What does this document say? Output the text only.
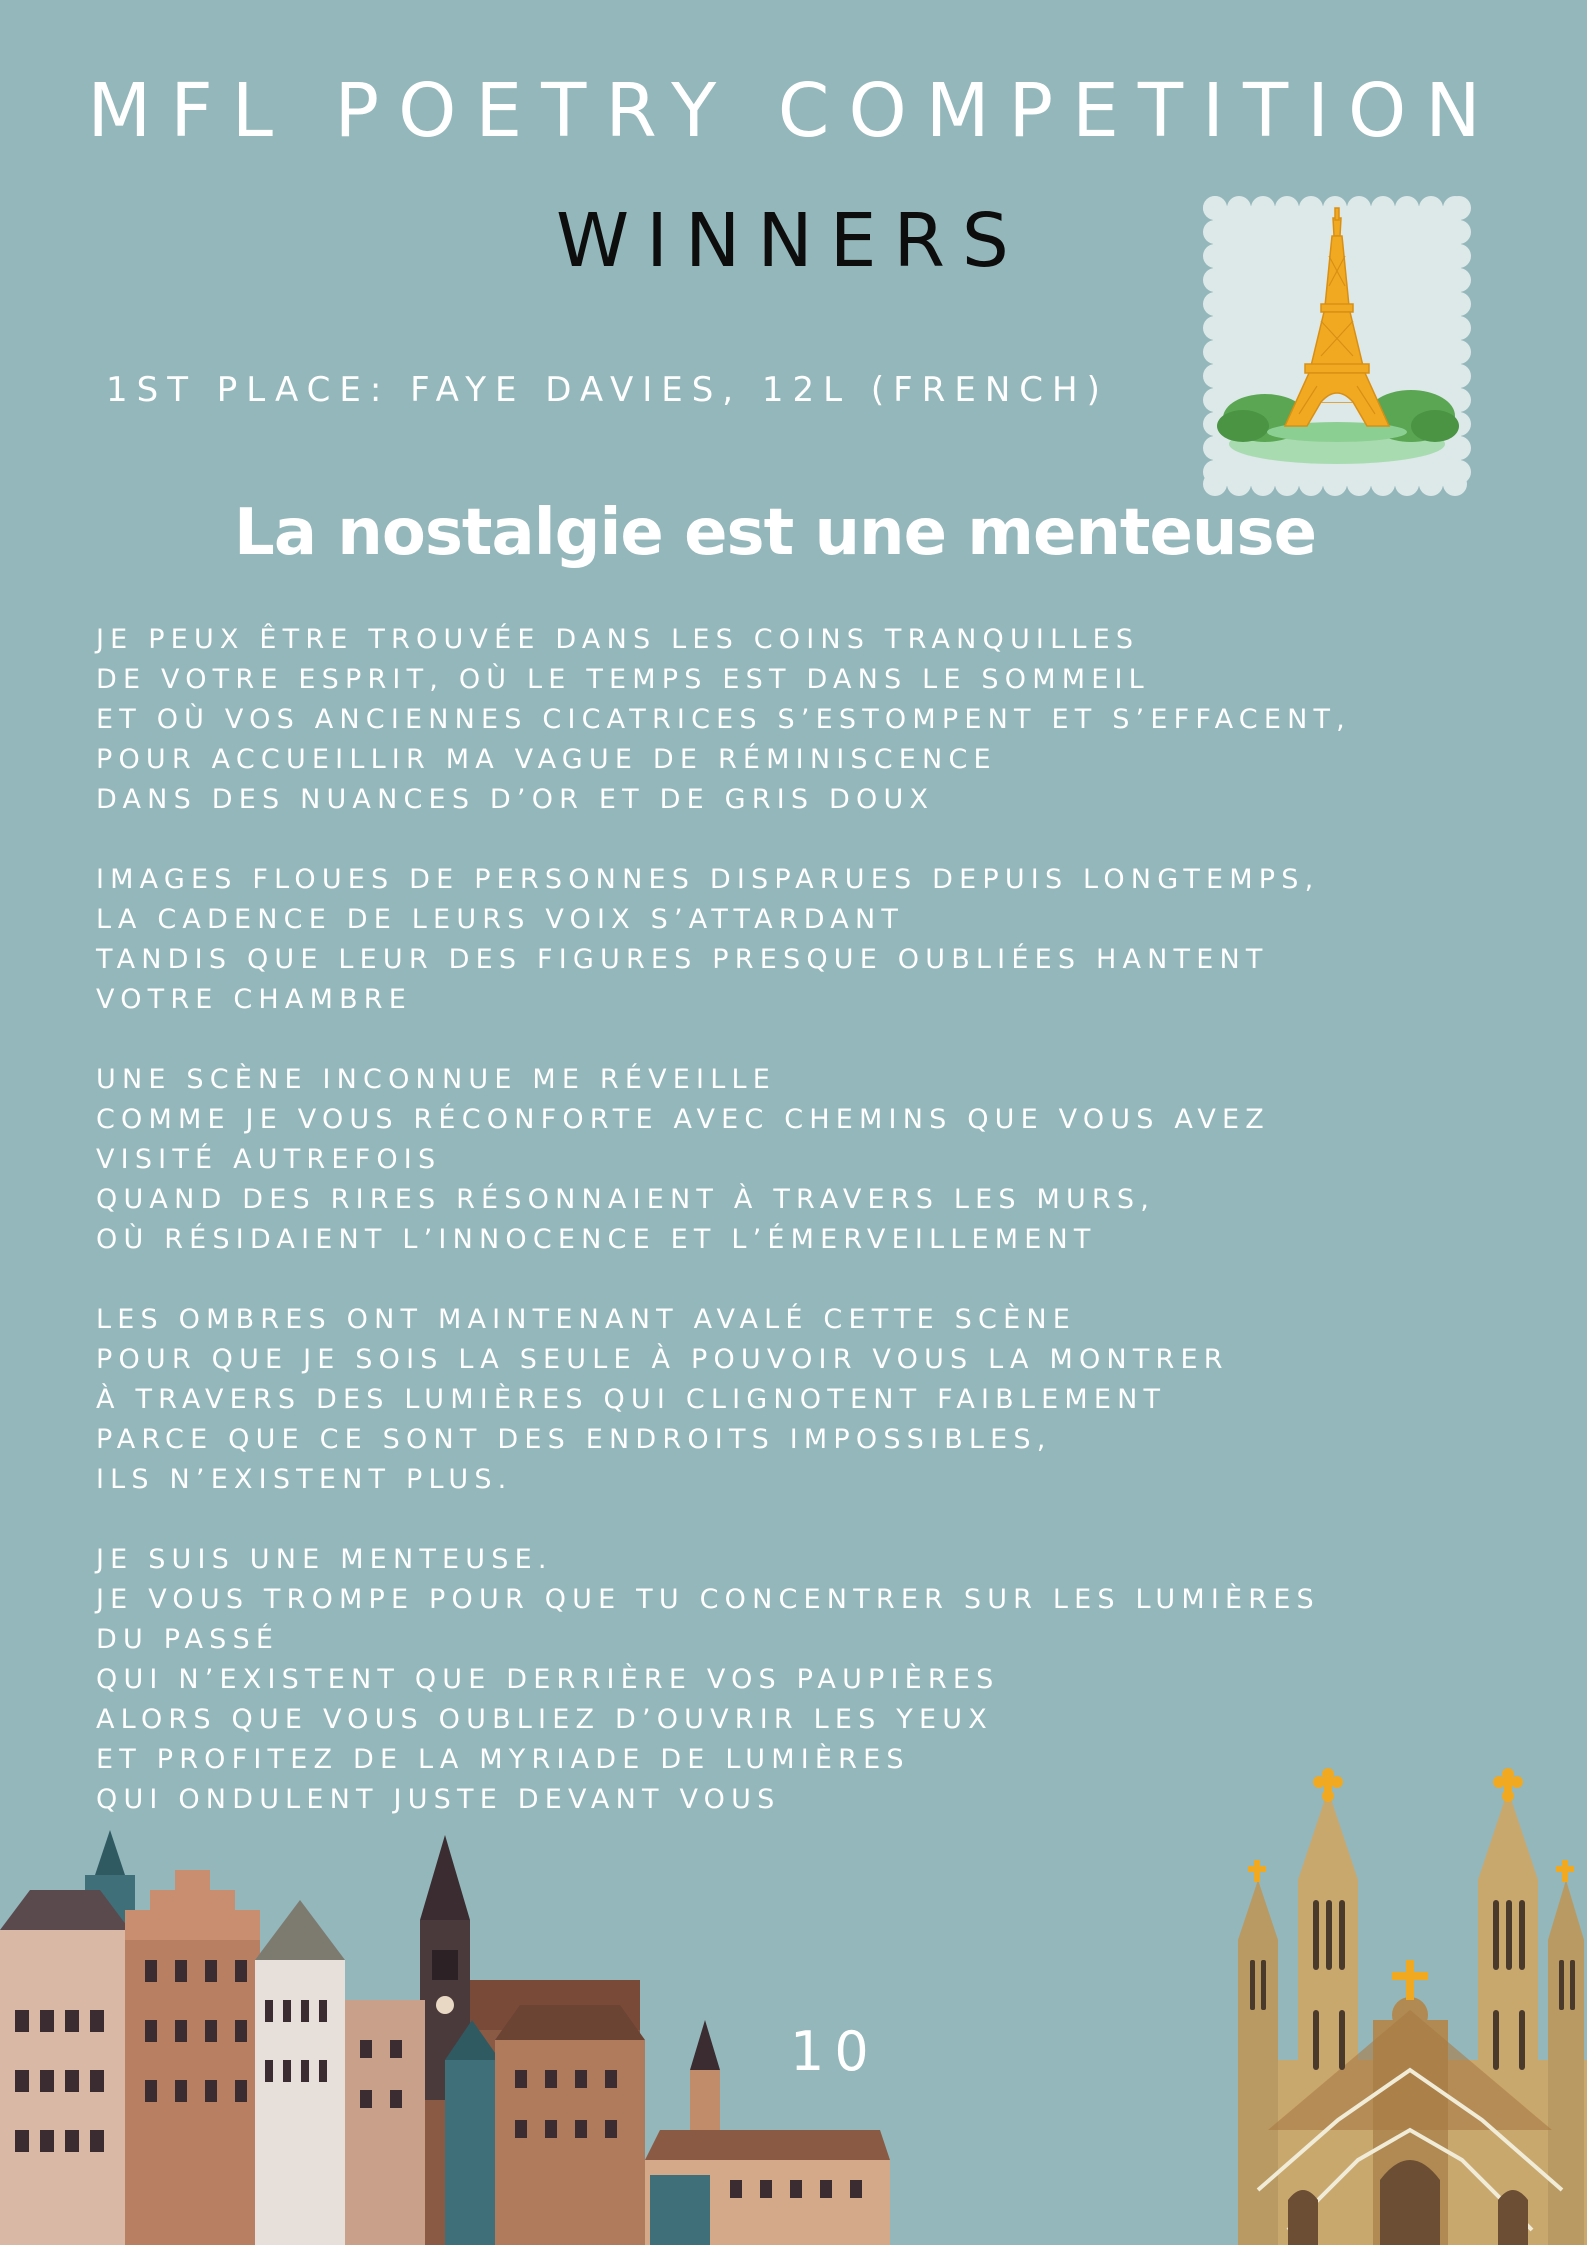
MFL POETRY COMPETITION
WINNERS
1ST PLACE: FAYE DAVIES, 12L (FRENCH)
La nostalgie est une menteuse
JE PEUX ÊTRE TROUVÉE DANS LES COINS TRANQUILLES
DE VOTRE ESPRIT, OÙ LE TEMPS EST DANS LE SOMMEIL
ET OÙ VOS ANCIENNES CICATRICES S’ESTOMPENT ET S’EFFACENT,
POUR ACCUEILLIR MA VAGUE DE RÉMINISCENCE
DANS DES NUANCES D’OR ET DE GRIS DOUX
IMAGES FLOUES DE PERSONNES DISPARUES DEPUIS LONGTEMPS,
LA CADENCE DE LEURS VOIX S’ATTARDANT
TANDIS QUE LEUR DES FIGURES PRESQUE OUBLIÉES HANTENT
VOTRE CHAMBRE
UNE SCÈNE INCONNUE ME RÉVEILLE
COMME JE VOUS RÉCONFORTE AVEC CHEMINS QUE VOUS AVEZ
VISITÉ AUTREFOIS
QUAND DES RIRES RÉSONNAIENT À TRAVERS LES MURS,
OÙ RÉSIDAIENT L’INNOCENCE ET L’ÉMERVEILLEMENT
LES OMBRES ONT MAINTENANT AVALÉ CETTE SCÈNE
POUR QUE JE SOIS LA SEULE À POUVOIR VOUS LA MONTRER
À TRAVERS DES LUMIÈRES QUI CLIGNOTENT FAIBLEMENT
PARCE QUE CE SONT DES ENDROITS IMPOSSIBLES,
ILS N’EXISTENT PLUS.
JE SUIS UNE MENTEUSE.
JE VOUS TROMPE POUR QUE TU CONCENTRER SUR LES LUMIÈRES
DU PASSÉ
QUI N’EXISTENT QUE DERRIÈRE VOS PAUPIÈRES
ALORS QUE VOUS OUBLIEZ D’OUVRIR LES YEUX
ET PROFITEZ DE LA MYRIADE DE LUMIÈRES
QUI ONDULENT JUSTE DEVANT VOUS
10
